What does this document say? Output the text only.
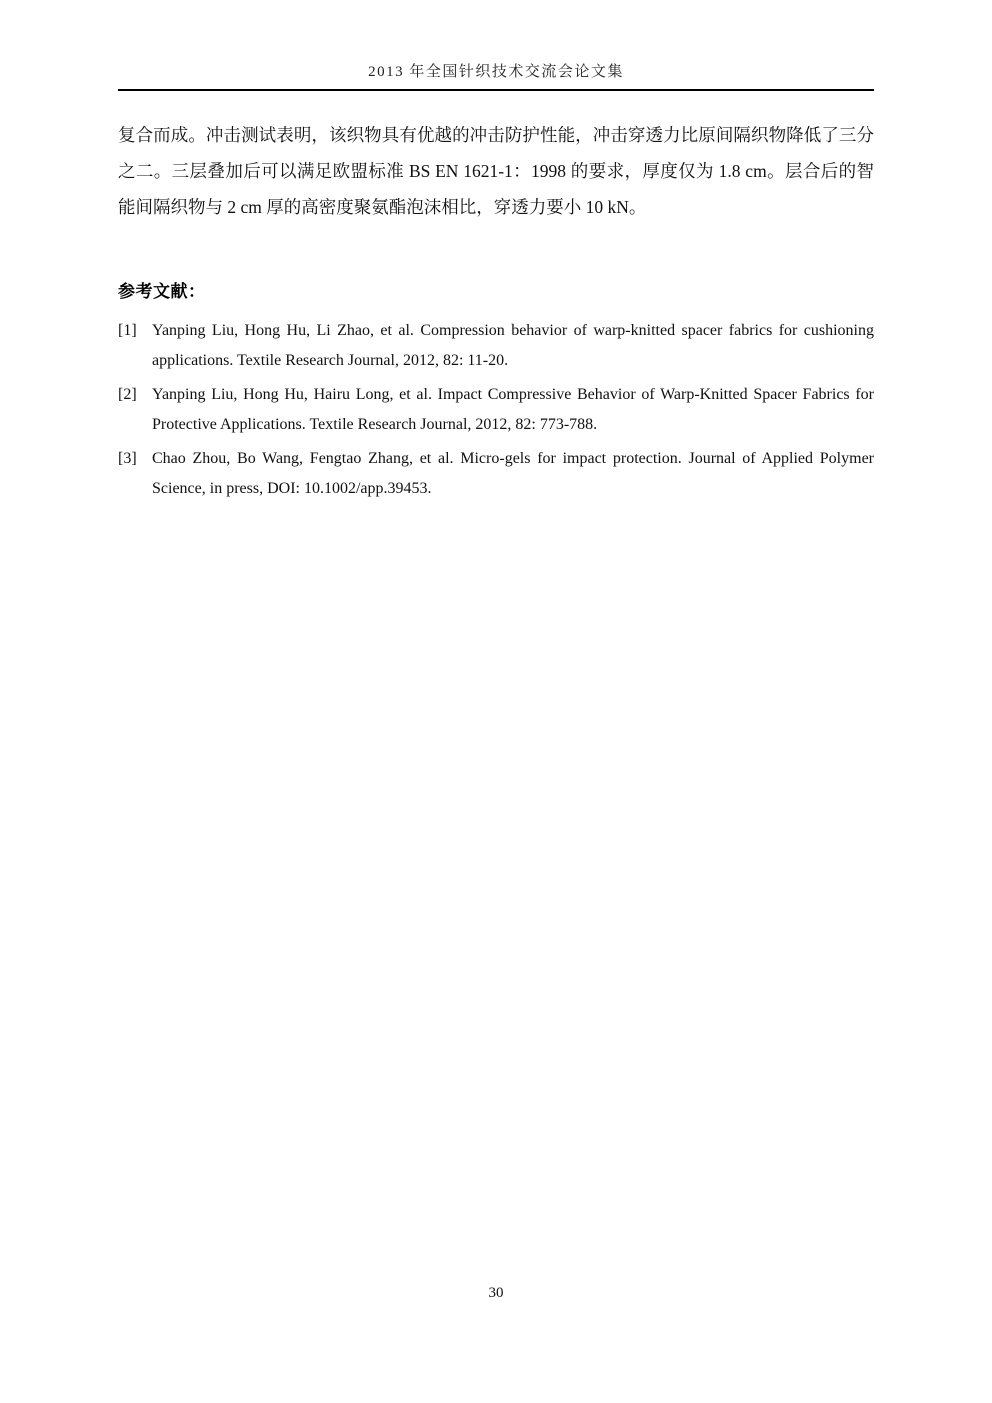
2013 年全国针织技术交流会论文集
复合而成。冲击测试表明，该织物具有优越的冲击防护性能，冲击穿透力比原间隔织物降低了三分之二。三层叠加后可以满足欧盟标准 BS EN 1621-1：1998 的要求，厚度仅为 1.8 cm。层合后的智能间隔织物与 2 cm 厚的高密度聚氨酯泡沫相比，穿透力要小 10 kN。
参考文献：
[1] Yanping Liu, Hong Hu, Li Zhao, et al. Compression behavior of warp-knitted spacer fabrics for cushioning applications. Textile Research Journal, 2012, 82: 11-20.
[2] Yanping Liu, Hong Hu, Hairu Long, et al. Impact Compressive Behavior of Warp-Knitted Spacer Fabrics for Protective Applications. Textile Research Journal, 2012, 82: 773-788.
[3] Chao Zhou, Bo Wang, Fengtao Zhang, et al. Micro-gels for impact protection. Journal of Applied Polymer Science, in press, DOI: 10.1002/app.39453.
30
